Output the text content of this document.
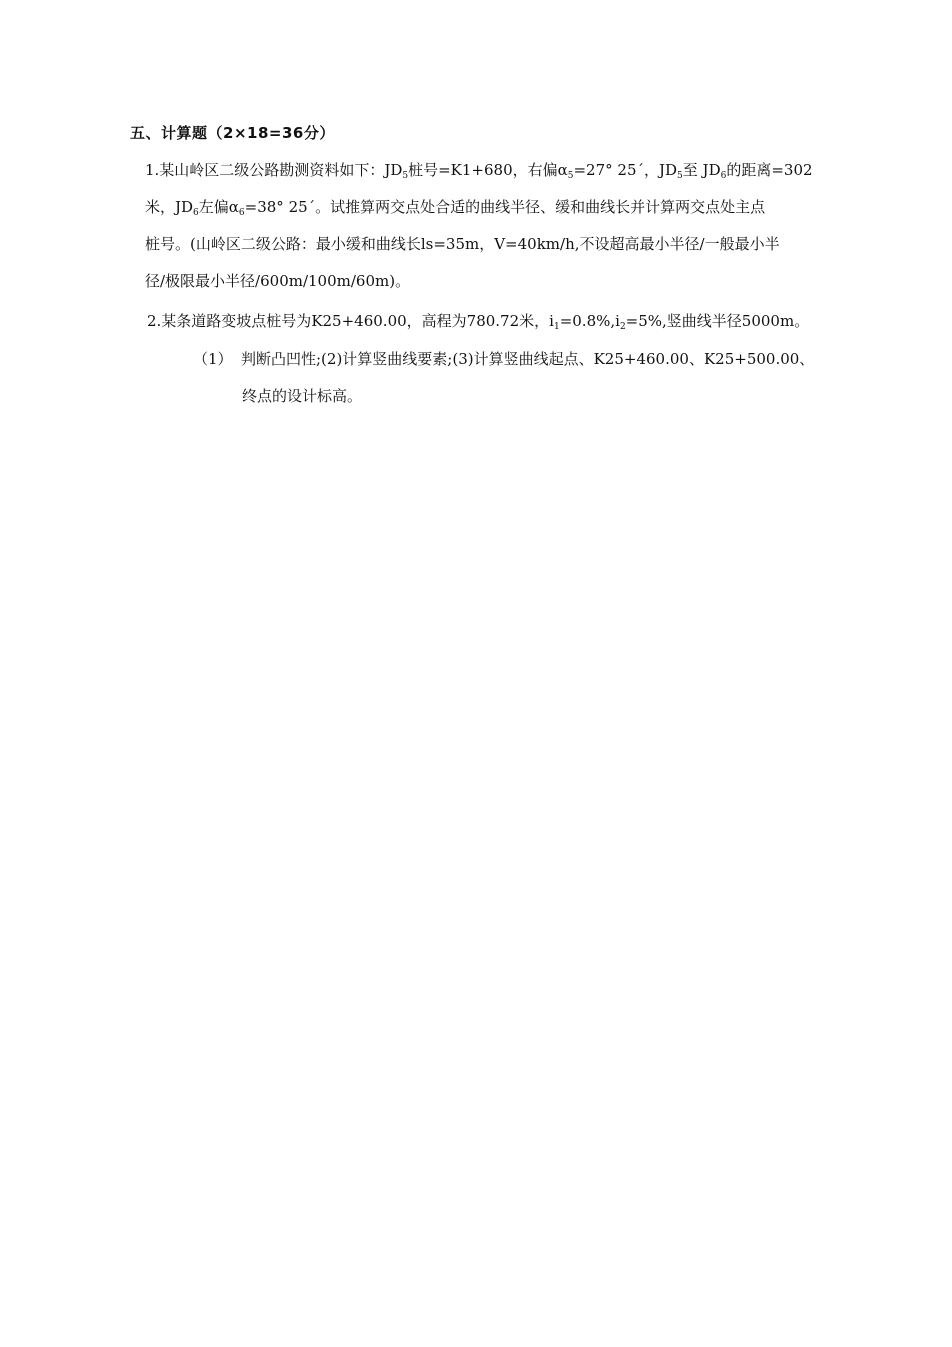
五、计算题（2×18=36分）
1.某山岭区二级公路勘测资料如下：$JD_5$桩号=K1+680，右偏$\alpha_5=27^\circ$ 25´，$JD_5$至 $JD_6$的距离=302
米，$JD_6$左偏$\alpha_6=38^\circ$ 25´。试推算两交点处合适的曲线半径、缓和曲线长并计算两交点处主点
桩号。(山岭区二级公路：最小缓和曲线长ls=35m，V=40km/h,不设超高最小半径/一般最小半
径/极限最小半径/600m/100m/60m)。
2.某条道路变坡点桩号为K25+460.00，高程为780.72米，$i_1=0.8\%,i_2=5\%$,竖曲线半径5000m。
（1） 判断凸凹性;(2)计算竖曲线要素;(3)计算竖曲线起点、K25+460.00、K25+500.00、
终点的设计标高。
